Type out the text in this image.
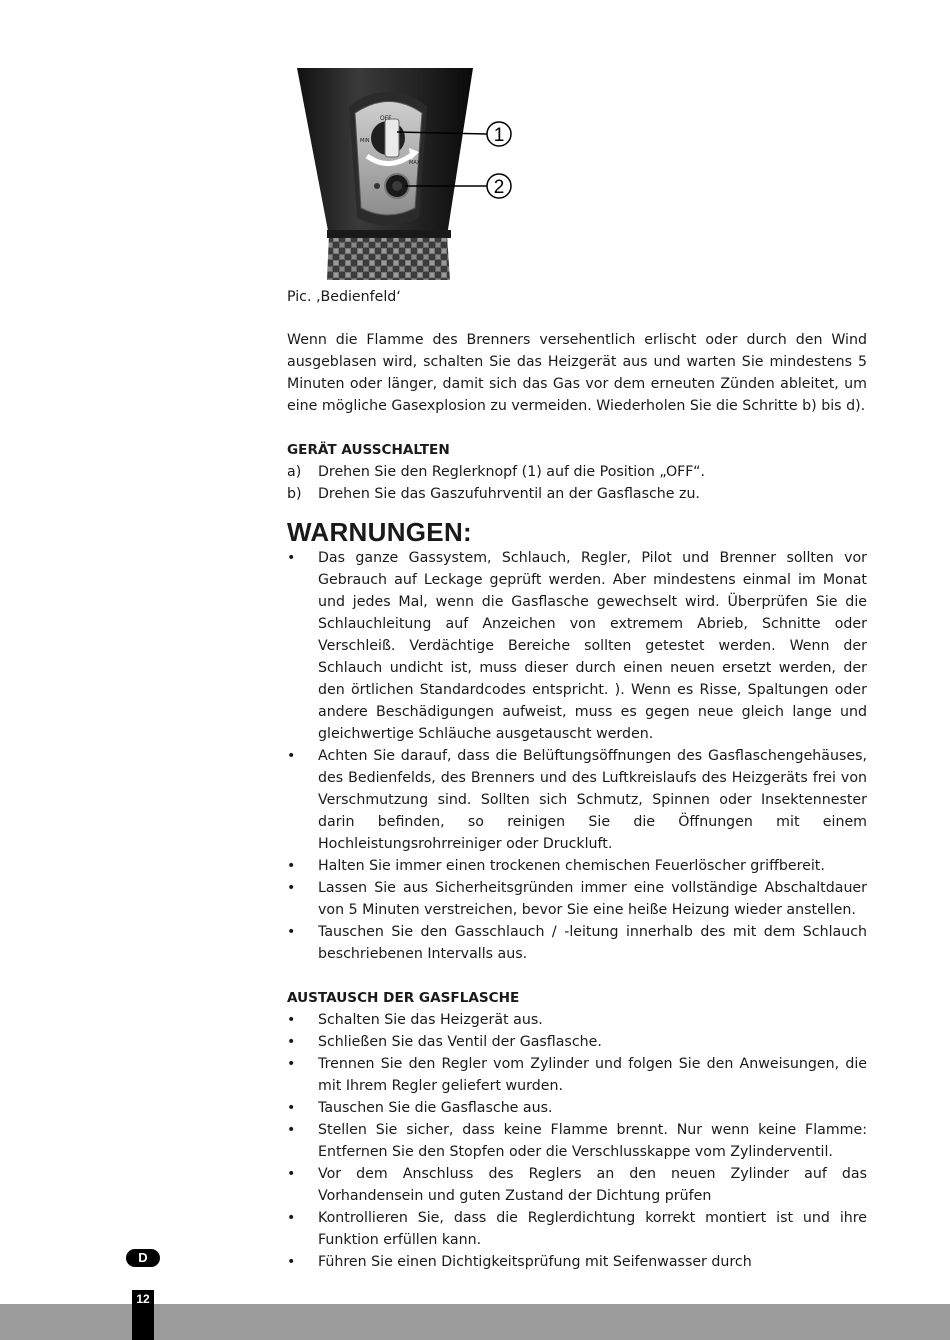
OFF
MIN
MAX
1
2
Pic. ‚Bedienfeld‘

Wenn die Flamme des Brenners versehentlich erlischt oder durch den Wind ausgeblasen wird, schalten Sie das Heizgerät aus und warten Sie mindestens 5 Minuten oder länger, damit sich das Gas vor dem erneuten Zünden ableitet, um eine mögliche Gasexplosion zu vermeiden. Wiederholen Sie die Schritte b) bis d).

GERÄT AUSSCHALTEN
a) Drehen Sie den Reglerknopf (1) auf die Position „OFF“.
b) Drehen Sie das Gaszufuhrventil an der Gasflasche zu.
WARNUNGEN:
• Das ganze Gassystem, Schlauch, Regler, Pilot und Brenner sollten vor Gebrauch auf Leckage geprüft werden. Aber mindestens einmal im Monat und jedes Mal, wenn die Gasflasche gewechselt wird. Überprüfen Sie die Schlauchleitung auf Anzeichen von extremem Abrieb, Schnitte oder Verschleiß. Verdächtige Bereiche sollten getestet werden. Wenn der Schlauch undicht ist, muss dieser durch einen neuen ersetzt werden, der den örtlichen Standardcodes entspricht. ). Wenn es Risse, Spaltungen oder andere Beschädigungen aufweist, muss es gegen neue gleich lange und gleichwertige Schläuche ausgetauscht werden.
• Achten Sie darauf, dass die Belüftungsöffnungen des Gasflaschengehäuses, des Bedienfelds, des Brenners und des Luftkreislaufs des Heizgeräts frei von Verschmutzung sind. Sollten sich Schmutz, Spinnen oder Insektennester darin befinden, so reinigen Sie die Öffnungen mit einem Hochleistungsrohrreiniger oder Druckluft.
• Halten Sie immer einen trockenen chemischen Feuerlöscher griffbereit.
• Lassen Sie aus Sicherheitsgründen immer eine vollständige Abschaltdauer von 5 Minuten verstreichen, bevor Sie eine heiße Heizung wieder anstellen.
• Tauschen Sie den Gasschlauch / -leitung innerhalb des mit dem Schlauch beschriebenen Intervalls aus.
AUSTAUSCH DER GASFLASCHE
• Schalten Sie das Heizgerät aus.
• Schließen Sie das Ventil der Gasflasche.
• Trennen Sie den Regler vom Zylinder und folgen Sie den Anweisungen, die mit Ihrem Regler geliefert wurden.
• Tauschen Sie die Gasflasche aus.
• Stellen Sie sicher, dass keine Flamme brennt. Nur wenn keine Flamme: Entfernen Sie den Stopfen oder die Verschlusskappe vom Zylinderventil.
• Vor dem Anschluss des Reglers an den neuen Zylinder auf das Vorhandensein und guten Zustand der Dichtung prüfen
• Kontrollieren Sie, dass die Reglerdichtung korrekt montiert ist und ihre Funktion erfüllen kann.
• Führen Sie einen Dichtigkeitsprüfung mit Seifenwasser durch
D
12
